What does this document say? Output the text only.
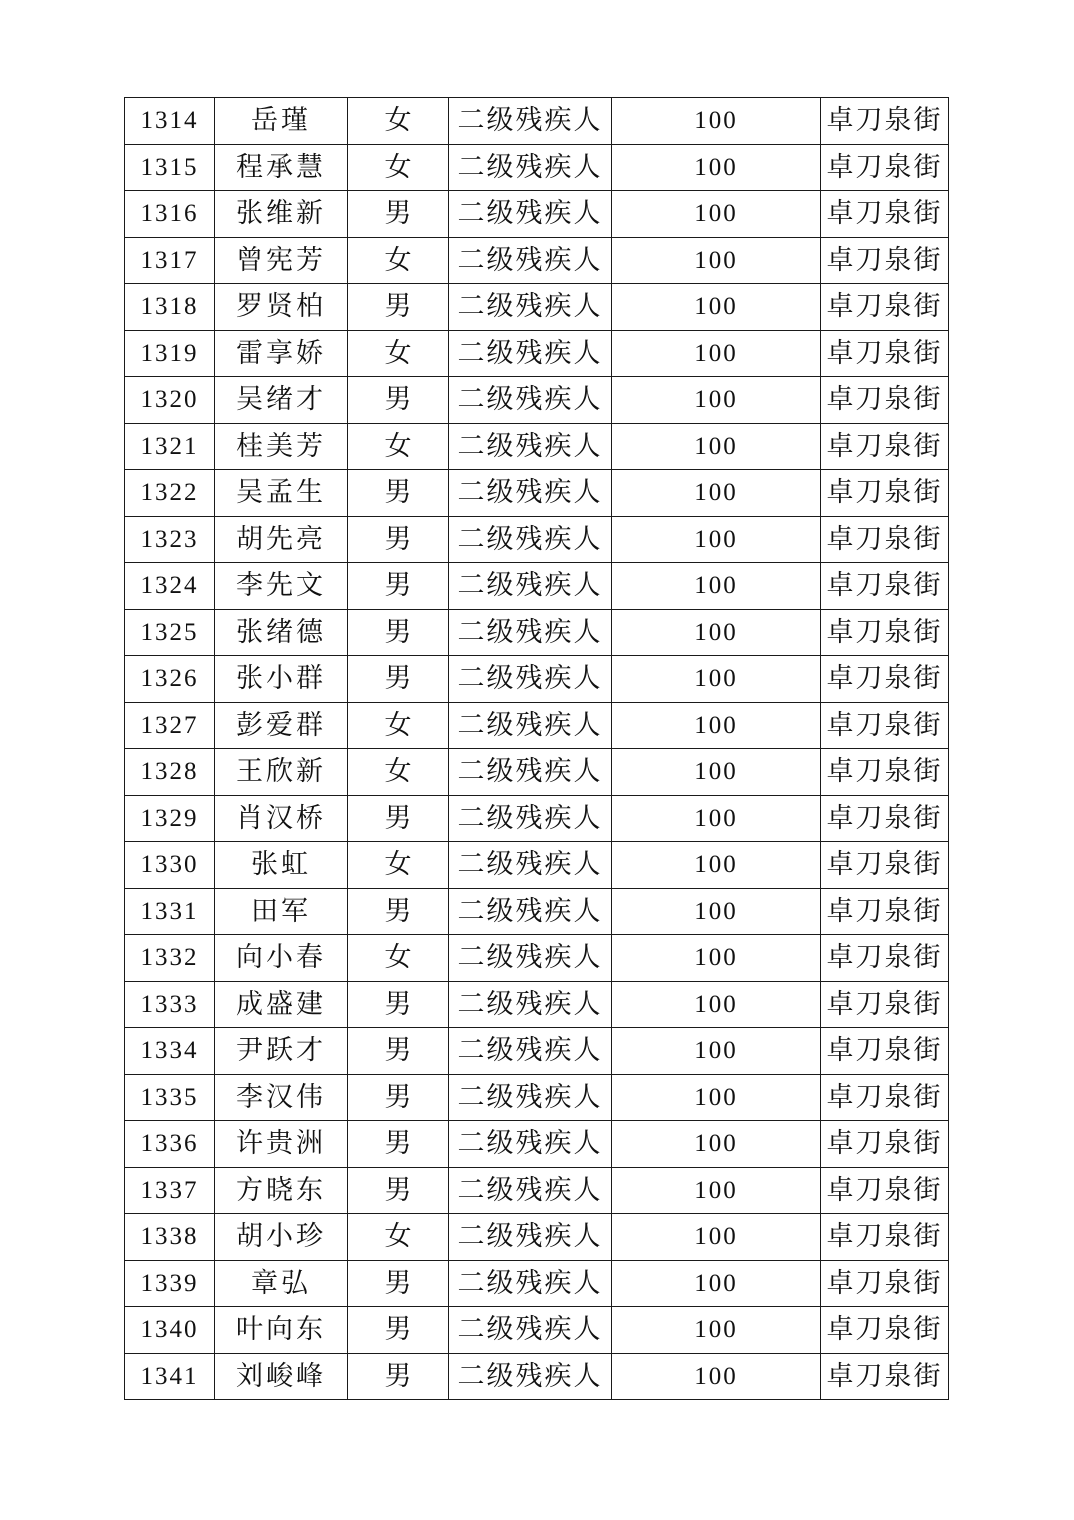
1314	岳瑾	女	二级残疾人	100	卓刀泉街
1315	程承慧	女	二级残疾人	100	卓刀泉街
1316	张维新	男	二级残疾人	100	卓刀泉街
1317	曾宪芳	女	二级残疾人	100	卓刀泉街
1318	罗贤柏	男	二级残疾人	100	卓刀泉街
1319	雷享娇	女	二级残疾人	100	卓刀泉街
1320	吴绪才	男	二级残疾人	100	卓刀泉街
1321	桂美芳	女	二级残疾人	100	卓刀泉街
1322	吴孟生	男	二级残疾人	100	卓刀泉街
1323	胡先亮	男	二级残疾人	100	卓刀泉街
1324	李先文	男	二级残疾人	100	卓刀泉街
1325	张绪德	男	二级残疾人	100	卓刀泉街
1326	张小群	男	二级残疾人	100	卓刀泉街
1327	彭爱群	女	二级残疾人	100	卓刀泉街
1328	王欣新	女	二级残疾人	100	卓刀泉街
1329	肖汉桥	男	二级残疾人	100	卓刀泉街
1330	张虹	女	二级残疾人	100	卓刀泉街
1331	田军	男	二级残疾人	100	卓刀泉街
1332	向小春	女	二级残疾人	100	卓刀泉街
1333	成盛建	男	二级残疾人	100	卓刀泉街
1334	尹跃才	男	二级残疾人	100	卓刀泉街
1335	李汉伟	男	二级残疾人	100	卓刀泉街
1336	许贵洲	男	二级残疾人	100	卓刀泉街
1337	方晓东	男	二级残疾人	100	卓刀泉街
1338	胡小珍	女	二级残疾人	100	卓刀泉街
1339	章弘	男	二级残疾人	100	卓刀泉街
1340	叶向东	男	二级残疾人	100	卓刀泉街
1341	刘峻峰	男	二级残疾人	100	卓刀泉街
